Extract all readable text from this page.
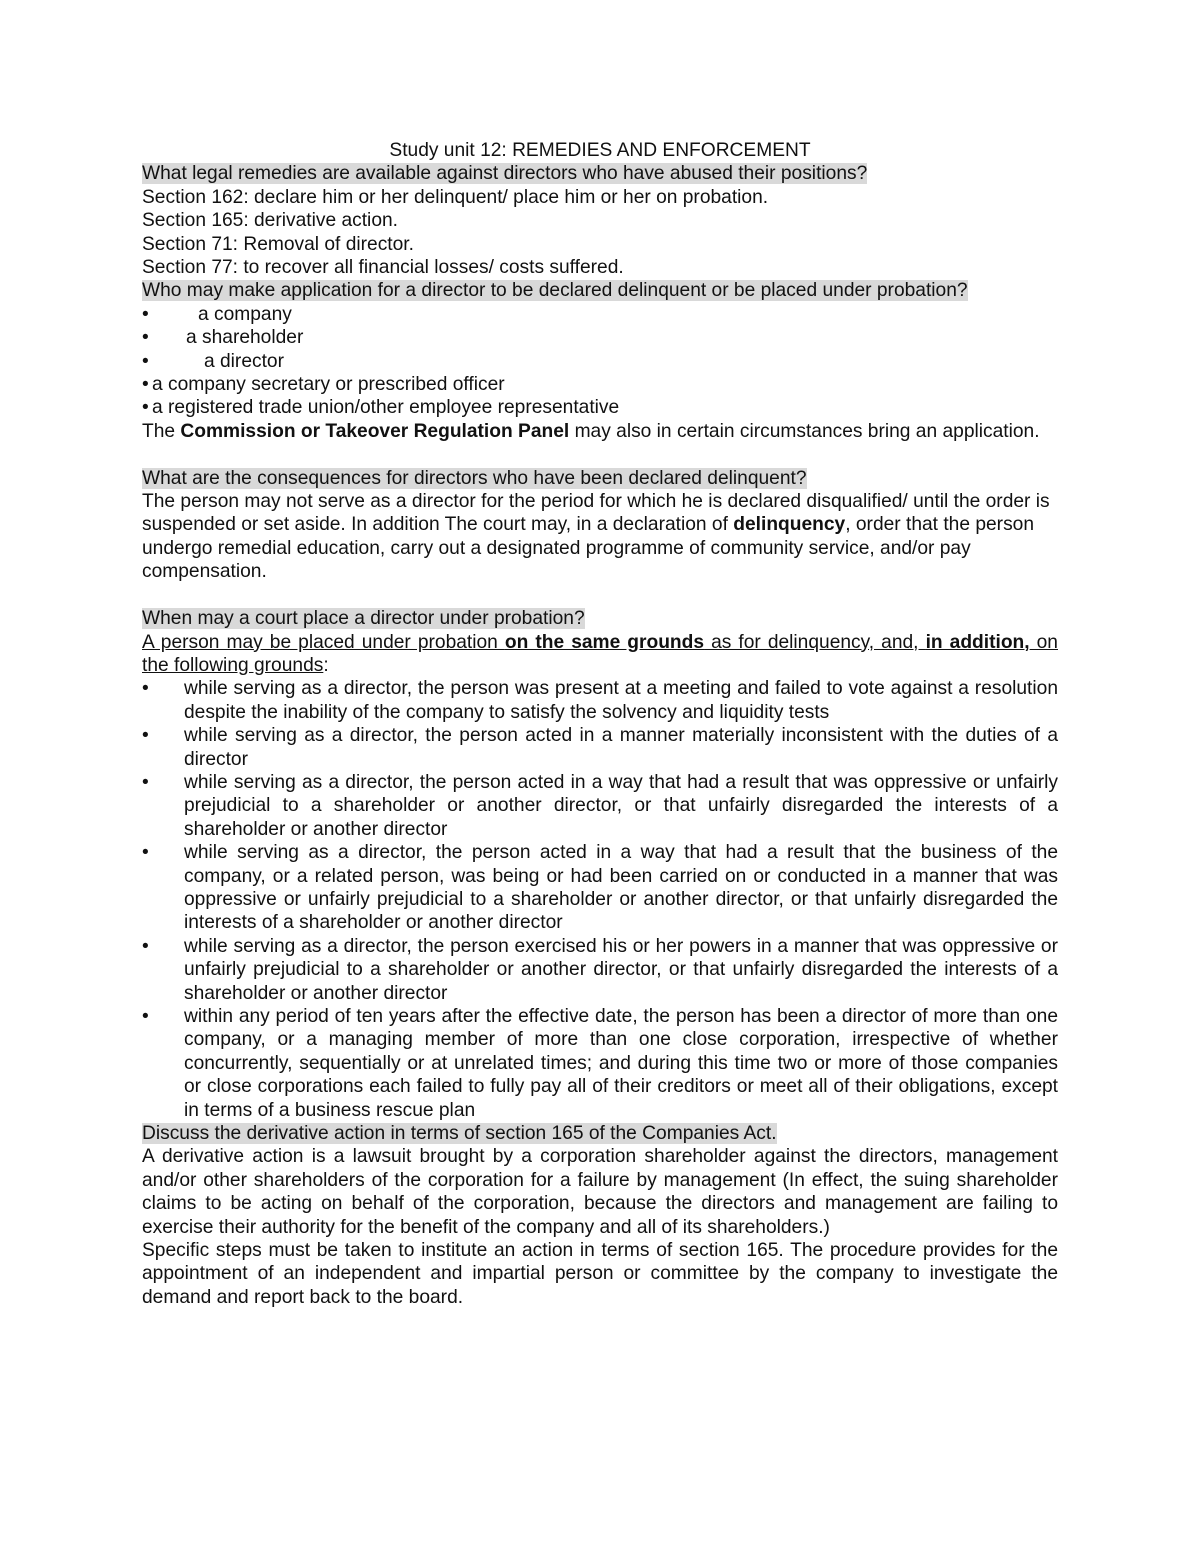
Study unit 12: REMEDIES AND ENFORCEMENT

What legal remedies are available against directors who have abused their positions?

Section 162: declare him or her delinquent/ place him or her on probation.

Section 165: derivative action.

Section 71: Removal of director.

Section 77: to recover all financial losses/ costs suffered.

Who may make application for a director to be declared delinquent or be placed under probation?

•	a company
•	a shareholder
•	a director
• a company secretary or prescribed officer
• a registered trade union/other employee representative

The Commission or Takeover Regulation Panel may also in certain circumstances bring an application.

What are the consequences for directors who have been declared delinquent?

The person may not serve as a director for the period for which he is declared disqualified/ until the order is suspended or set aside. In addition The court may, in a declaration of delinquency, order that the person undergo remedial education, carry out a designated programme of community service, and/or pay compensation.

When may a court place a director under probation?

A person may be placed under probation on the same grounds as for delinquency, and, in addition, on the following grounds:

•	while serving as a director, the person was present at a meeting and failed to vote against a resolution despite the inability of the company to satisfy the solvency and liquidity tests
•	while serving as a director, the person acted in a manner materially inconsistent with the duties of a director
•	while serving as a director, the person acted in a way that had a result that was oppressive or unfairly prejudicial to a shareholder or another director, or that unfairly disregarded the interests of a shareholder or another director
•	while serving as a director, the person acted in a way that had a result that the business of the company, or a related person, was being or had been carried on or conducted in a manner that was oppressive or unfairly prejudicial to a shareholder or another director, or that unfairly disregarded the interests of a shareholder or another director
•	while serving as a director, the person exercised his or her powers in a manner that was oppressive or unfairly prejudicial to a shareholder or another director, or that unfairly disregarded the interests of a shareholder or another director
•	within any period of ten years after the effective date, the person has been a director of more than one company, or a managing member of more than one close corporation, irrespective of whether concurrently, sequentially or at unrelated times; and during this time two or more of those companies or close corporations each failed to fully pay all of their creditors or meet all of their obligations, except in terms of a business rescue plan

Discuss the derivative action in terms of section 165 of the Companies Act.

A derivative action is a lawsuit brought by a corporation shareholder against the directors, management and/or other shareholders of the corporation for a failure by management (In effect, the suing shareholder claims to be acting on behalf of the corporation, because the directors and management are failing to exercise their authority for the benefit of the company and all of its shareholders.)

Specific steps must be taken to institute an action in terms of section 165. The procedure provides for the appointment of an independent and impartial person or committee by the company to investigate the demand and report back to the board.
